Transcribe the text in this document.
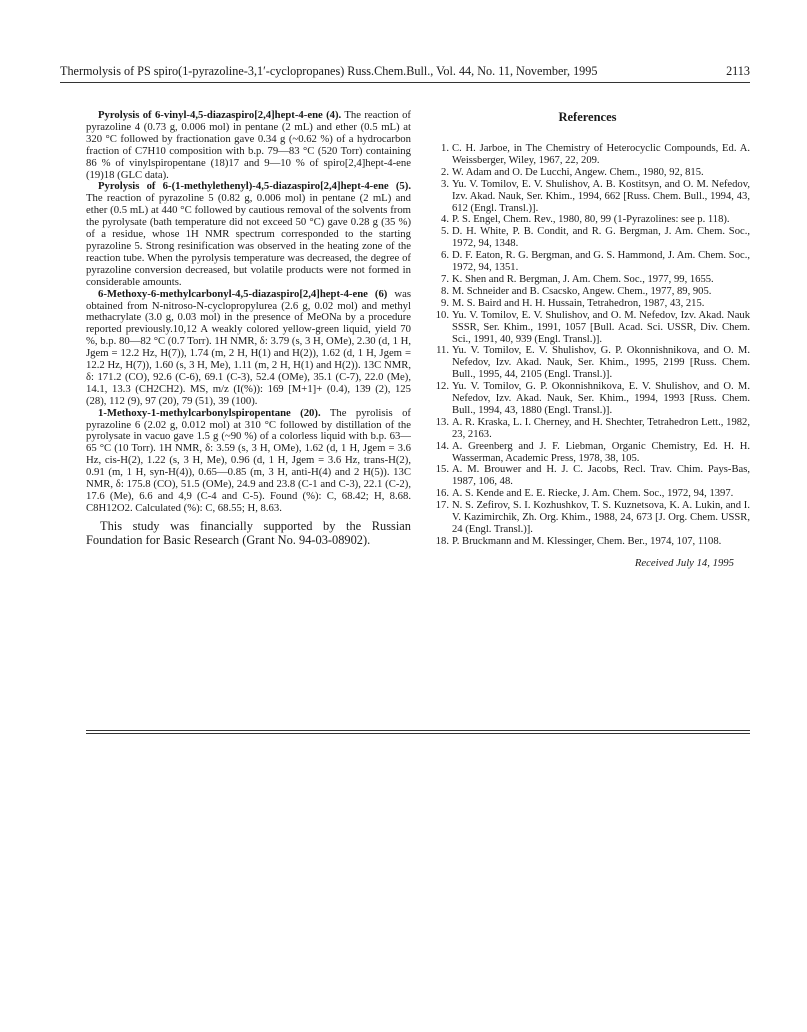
Thermolysis of PS spiro(1-pyrazoline-3,1′-cyclopropanes) Russ.Chem.Bull., Vol. 44, No. 11, November, 1995	2113

Pyrolysis of 6-vinyl-4,5-diazaspiro[2,4]hept-4-ene (4). The reaction of pyrazoline 4 (0.73 g, 0.006 mol) in pentane (2 mL) and ether (0.5 mL) at 320 °C followed by fractionation gave 0.34 g (~0.62 %) of a hydrocarbon fraction of C7H10 composition with b.p. 79—83 °C (520 Torr) containing 86 % of vinylspiropentane (18)17 and 9—10 % of spiro[2,4]hept-4-ene (19)18 (GLC data).

Pyrolysis of 6-(1-methylethenyl)-4,5-diazaspiro[2,4]hept-4-ene (5). The reaction of pyrazoline 5 (0.82 g, 0.006 mol) in pentane (2 mL) and ether (0.5 mL) at 440 °C followed by cautious removal of the solvents from the pyrolysate (bath temperature did not exceed 50 °C) gave 0.28 g (35 %) of a residue, whose 1H NMR spectrum corresponded to the starting pyrazoline 5. Strong resinification was observed in the heating zone of the reaction tube. When the pyrolysis temperature was decreased, the degree of pyrazoline conversion decreased, but volatile products were not formed in considerable amounts.

6-Methoxy-6-methylcarbonyl-4,5-diazaspiro[2,4]hept-4-ene (6) was obtained from N-nitroso-N-cyclopropylurea (2.6 g, 0.02 mol) and methyl methacrylate (3.0 g, 0.03 mol) in the presence of MeONa by a procedure reported previously.10,12 A weakly colored yellow-green liquid, yield 70 %, b.p. 80—82 °C (0.7 Torr). 1H NMR, δ: 3.79 (s, 3 H, OMe), 2.30 (d, 1 H, Jgem = 12.2 Hz, H(7)), 1.74 (m, 2 H, H(1) and H(2)), 1.62 (d, 1 H, Jgem = 12.2 Hz, H(7)), 1.60 (s, 3 H, Me), 1.11 (m, 2 H, H(1) and H(2)). 13C NMR, δ: 171.2 (CO), 92.6 (C-6), 69.1 (C-3), 52.4 (OMe), 35.1 (C-7), 22.0 (Me), 14.1, 13.3 (CH2CH2). MS, m/z (I(%)): 169 [M+1]+ (0.4), 139 (2), 125 (28), 112 (9), 97 (20), 79 (51), 39 (100).

1-Methoxy-1-methylcarbonylspiropentane (20). The pyrolisis of pyrazoline 6 (2.02 g, 0.012 mol) at 310 °C followed by distillation of the pyrolysate in vacuo gave 1.5 g (~90 %) of a colorless liquid with b.p. 63—65 °C (10 Torr). 1H NMR, δ: 3.59 (s, 3 H, OMe), 1.62 (d, 1 H, Jgem = 3.6 Hz, cis-H(2), 1.22 (s, 3 H, Me), 0.96 (d, 1 H, Jgem = 3.6 Hz, trans-H(2), 0.91 (m, 1 H, syn-H(4)), 0.65—0.85 (m, 3 H, anti-H(4) and 2 H(5)). 13C NMR, δ: 175.8 (CO), 51.5 (OMe), 24.9 and 23.8 (C-1 and C-3), 22.1 (C-2), 17.6 (Me), 6.6 and 4,9 (C-4 and C-5). Found (%): C, 68.42; H, 8.68. C8H12O2. Calculated (%): C, 68.55; H, 8.63.

This study was financially supported by the Russian Foundation for Basic Research (Grant No. 94-03-08902).

References
1. C. H. Jarboe, in The Chemistry of Heterocyclic Compounds, Ed. A. Weissberger, Wiley, 1967, 22, 209.
2. W. Adam and O. De Lucchi, Angew. Chem., 1980, 92, 815.
3. Yu. V. Tomilov, E. V. Shulishov, A. B. Kostitsyn, and O. M. Nefedov, Izv. Akad. Nauk, Ser. Khim., 1994, 662 [Russ. Chem. Bull., 1994, 43, 612 (Engl. Transl.)].
4. P. S. Engel, Chem. Rev., 1980, 80, 99 (1-Pyrazolines: see p. 118).
5. D. H. White, P. B. Condit, and R. G. Bergman, J. Am. Chem. Soc., 1972, 94, 1348.
6. D. F. Eaton, R. G. Bergman, and G. S. Hammond, J. Am. Chem. Soc., 1972, 94, 1351.
7. K. Shen and R. Bergman, J. Am. Chem. Soc., 1977, 99, 1655.
8. M. Schneider and B. Csacsko, Angew. Chem., 1977, 89, 905.
9. M. S. Baird and H. H. Hussain, Tetrahedron, 1987, 43, 215.
10. Yu. V. Tomilov, E. V. Shulishov, and O. M. Nefedov, Izv. Akad. Nauk SSSR, Ser. Khim., 1991, 1057 [Bull. Acad. Sci. USSR, Div. Chem. Sci., 1991, 40, 939 (Engl. Transl.)].
11. Yu. V. Tomilov, E. V. Shulishov, G. P. Okonnishnikova, and O. M. Nefedov, Izv. Akad. Nauk, Ser. Khim., 1995, 2199 [Russ. Chem. Bull., 1995, 44, 2105 (Engl. Transl.)].
12. Yu. V. Tomilov, G. P. Okonnishnikova, E. V. Shulishov, and O. M. Nefedov, Izv. Akad. Nauk, Ser. Khim., 1994, 1993 [Russ. Chem. Bull., 1994, 43, 1880 (Engl. Transl.)].
13. A. R. Kraska, L. I. Cherney, and H. Shechter, Tetrahedron Lett., 1982, 23, 2163.
14. A. Greenberg and J. F. Liebman, Organic Chemistry, Ed. H. H. Wasserman, Academic Press, 1978, 38, 105.
15. A. M. Brouwer and H. J. C. Jacobs, Recl. Trav. Chim. Pays-Bas, 1987, 106, 48.
16. A. S. Kende and E. E. Riecke, J. Am. Chem. Soc., 1972, 94, 1397.
17. N. S. Zefirov, S. I. Kozhushkov, T. S. Kuznetsova, K. A. Lukin, and I. V. Kazimirchik, Zh. Org. Khim., 1988, 24, 673 [J. Org. Chem. USSR, 24 (Engl. Transl.)].
18. P. Bruckmann and M. Klessinger, Chem. Ber., 1974, 107, 1108.
Received July 14, 1995
